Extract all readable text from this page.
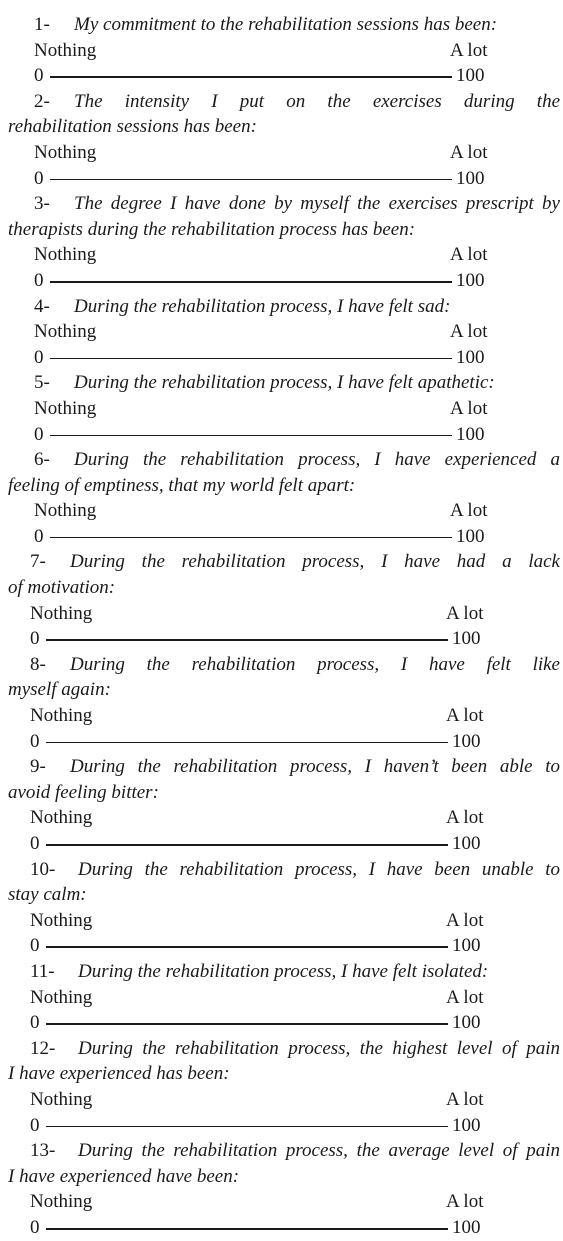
1- My commitment to the rehabilitation sessions has been:
Nothing	A lot
0	100
2- The intensity I put on the exercises during the
rehabilitation sessions has been:
Nothing	A lot
0	100
3- The degree I have done by myself the exercises prescript by
therapists during the rehabilitation process has been:
Nothing	A lot
0	100
4- During the rehabilitation process, I have felt sad:
Nothing	A lot
0	100
5- During the rehabilitation process, I have felt apathetic:
Nothing	A lot
0	100
6- During the rehabilitation process, I have experienced a
feeling of emptiness, that my world felt apart:
Nothing	A lot
0	100
7- During the rehabilitation process, I have had a lack
of motivation:
Nothing	A lot
0	100
8- During the rehabilitation process, I have felt like
myself again:
Nothing	A lot
0	100
9- During the rehabilitation process, I haven’t been able to
avoid feeling bitter:
Nothing	A lot
0	100
10- During the rehabilitation process, I have been unable to
stay calm:
Nothing	A lot
0	100
11- During the rehabilitation process, I have felt isolated:
Nothing	A lot
0	100
12- During the rehabilitation process, the highest level of pain
I have experienced has been:
Nothing	A lot
0	100
13- During the rehabilitation process, the average level of pain
I have experienced have been:
Nothing	A lot
0	100
